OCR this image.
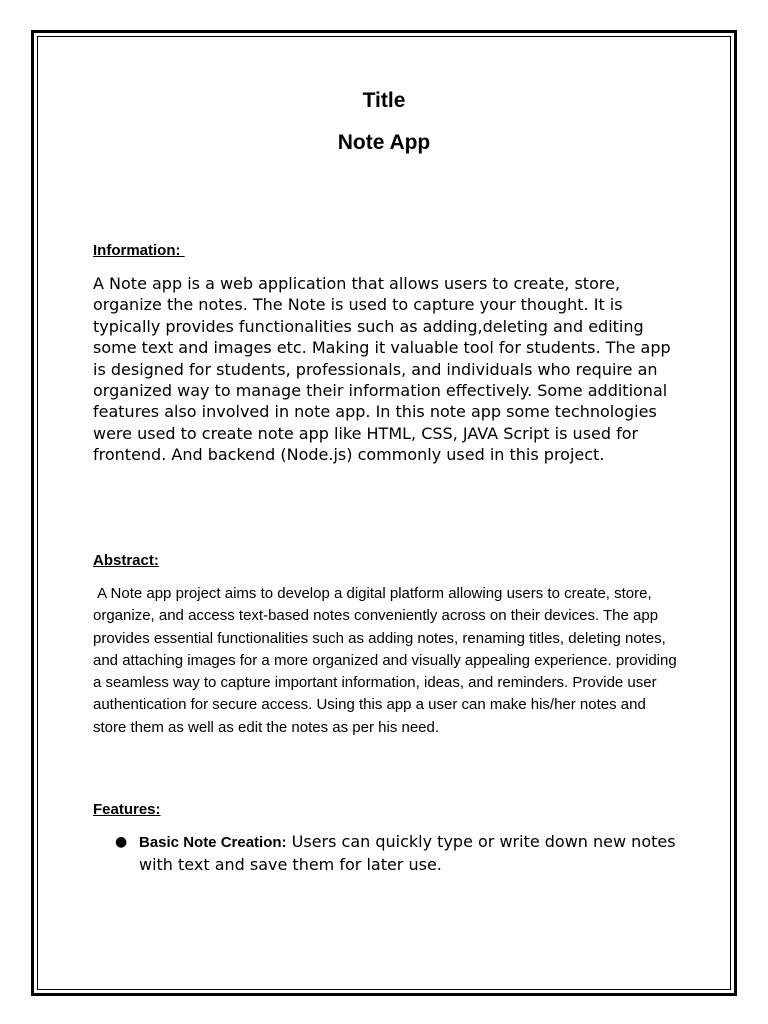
Title
Note App
Information:

A Note app is a web application that allows users to create, store, organize the notes. The Note is used to capture your thought. It is typically provides functionalities such as adding,deleting and editing some text and images etc. Making it valuable tool for students. The app is designed for students, professionals, and individuals who require an organized way to manage their information effectively. Some additional features also involved in note app. In this note app some technologies were used to create note app like HTML, CSS, JAVA Script is used for frontend. And backend (Node.js) commonly used in this project.

Abstract:

A Note app project aims to develop a digital platform allowing users to create, store, organize, and access text-based notes conveniently across on their devices. The app provides essential functionalities such as adding notes, renaming titles, deleting notes, and attaching images for a more organized and visually appealing experience. providing a seamless way to capture important information, ideas, and reminders. Provide user authentication for secure access. Using this app a user can make his/her notes and store them as well as edit the notes as per his need.

Features:
● Basic Note Creation: Users can quickly type or write down new notes with text and save them for later use.
